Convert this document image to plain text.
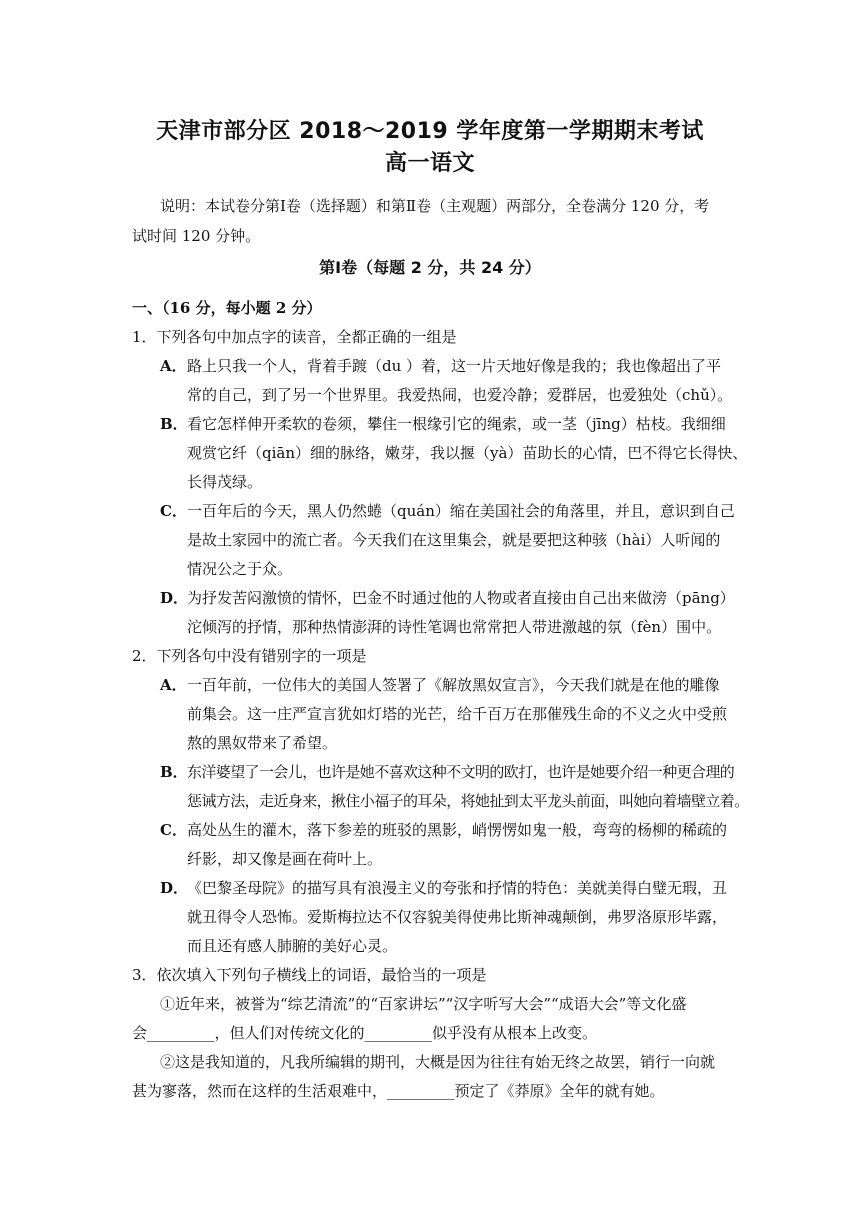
天津市部分区 2018～2019 学年度第一学期期末考试
高一语文
说明：本试卷分第Ⅰ卷（选择题）和第Ⅱ卷（主观题）两部分，全卷满分 120 分，考
试时间 120 分钟。
第Ⅰ卷（每题 2 分，共 24 分）
一、（16 分，每小题 2 分）
1．下列各句中加点字的读音，全都正确的一组是
A． 路上只我一个人，背着手踱（du ）着，这一片天地好像是我的；我也像超出了平
常的自己，到了另一个世界里。我爱热闹，也爱冷静；爱群居，也爱独处（chǔ）。
B． 看它怎样伸开柔软的卷须，攀住一根缘引它的绳索，或一茎（jīng）枯枝。我细细
观赏它纤（qiān）细的脉络，嫩芽，我以揠（yà）苗助长的心情，巴不得它长得快、
长得茂绿。
C． 一百年后的今天，黑人仍然蜷（quán）缩在美国社会的角落里，并且，意识到自己
是故土家园中的流亡者。今天我们在这里集会，就是要把这种骇（hài）人听闻的
情况公之于众。
D．
为抒发苦闷激愤的情怀，巴金不时通过他的人物或者直接由自己出来做滂（pāng）
沱倾泻的抒情，那种热情澎湃的诗性笔调也常常把人带进激越的氛（fèn）围中。
2．下列各句中没有错别字的一项是
A． 一百年前，一位伟大的美国人签署了《解放黑奴宣言》，今天我们就是在他的雕像
前集会。这一庄严宣言犹如灯塔的光芒，给千百万在那催残生命的不义之火中受煎
熬的黑奴带来了希望。
B． 东洋婆望了一会儿，也许是她不喜欢这种不文明的欧打，也许是她要介绍一种更合理的
惩诫方法，走近身来，揪住小福子的耳朵，将她扯到太平龙头前面，叫她向着墙壁立着。
C． 高处丛生的灌木，落下参差的班驳的黑影，峭愣愣如鬼一般，弯弯的杨柳的稀疏的
纤影，却又像是画在荷叶上。
D．
《巴黎圣母院》的描写具有浪漫主义的夸张和抒情的特色：美就美得白璧无瑕，丑
就丑得令人恐怖。爱斯梅拉达不仅容貌美得使弗比斯神魂颠倒，弗罗洛原形毕露，
而且还有感人肺腑的美好心灵。
3．依次填入下列句子横线上的词语，最恰当的一项是
①近年来，被誉为“综艺清流”的“百家讲坛”“汉字听写大会”“成语大会”等文化盛
会_________，但人们对传统文化的_________似乎没有从根本上改变。
②这是我知道的，凡我所编辑的期刊，大概是因为往往有始无终之故罢，销行一向就
甚为寥落，然而在这样的生活艰难中，_________预定了《莽原》全年的就有她。
